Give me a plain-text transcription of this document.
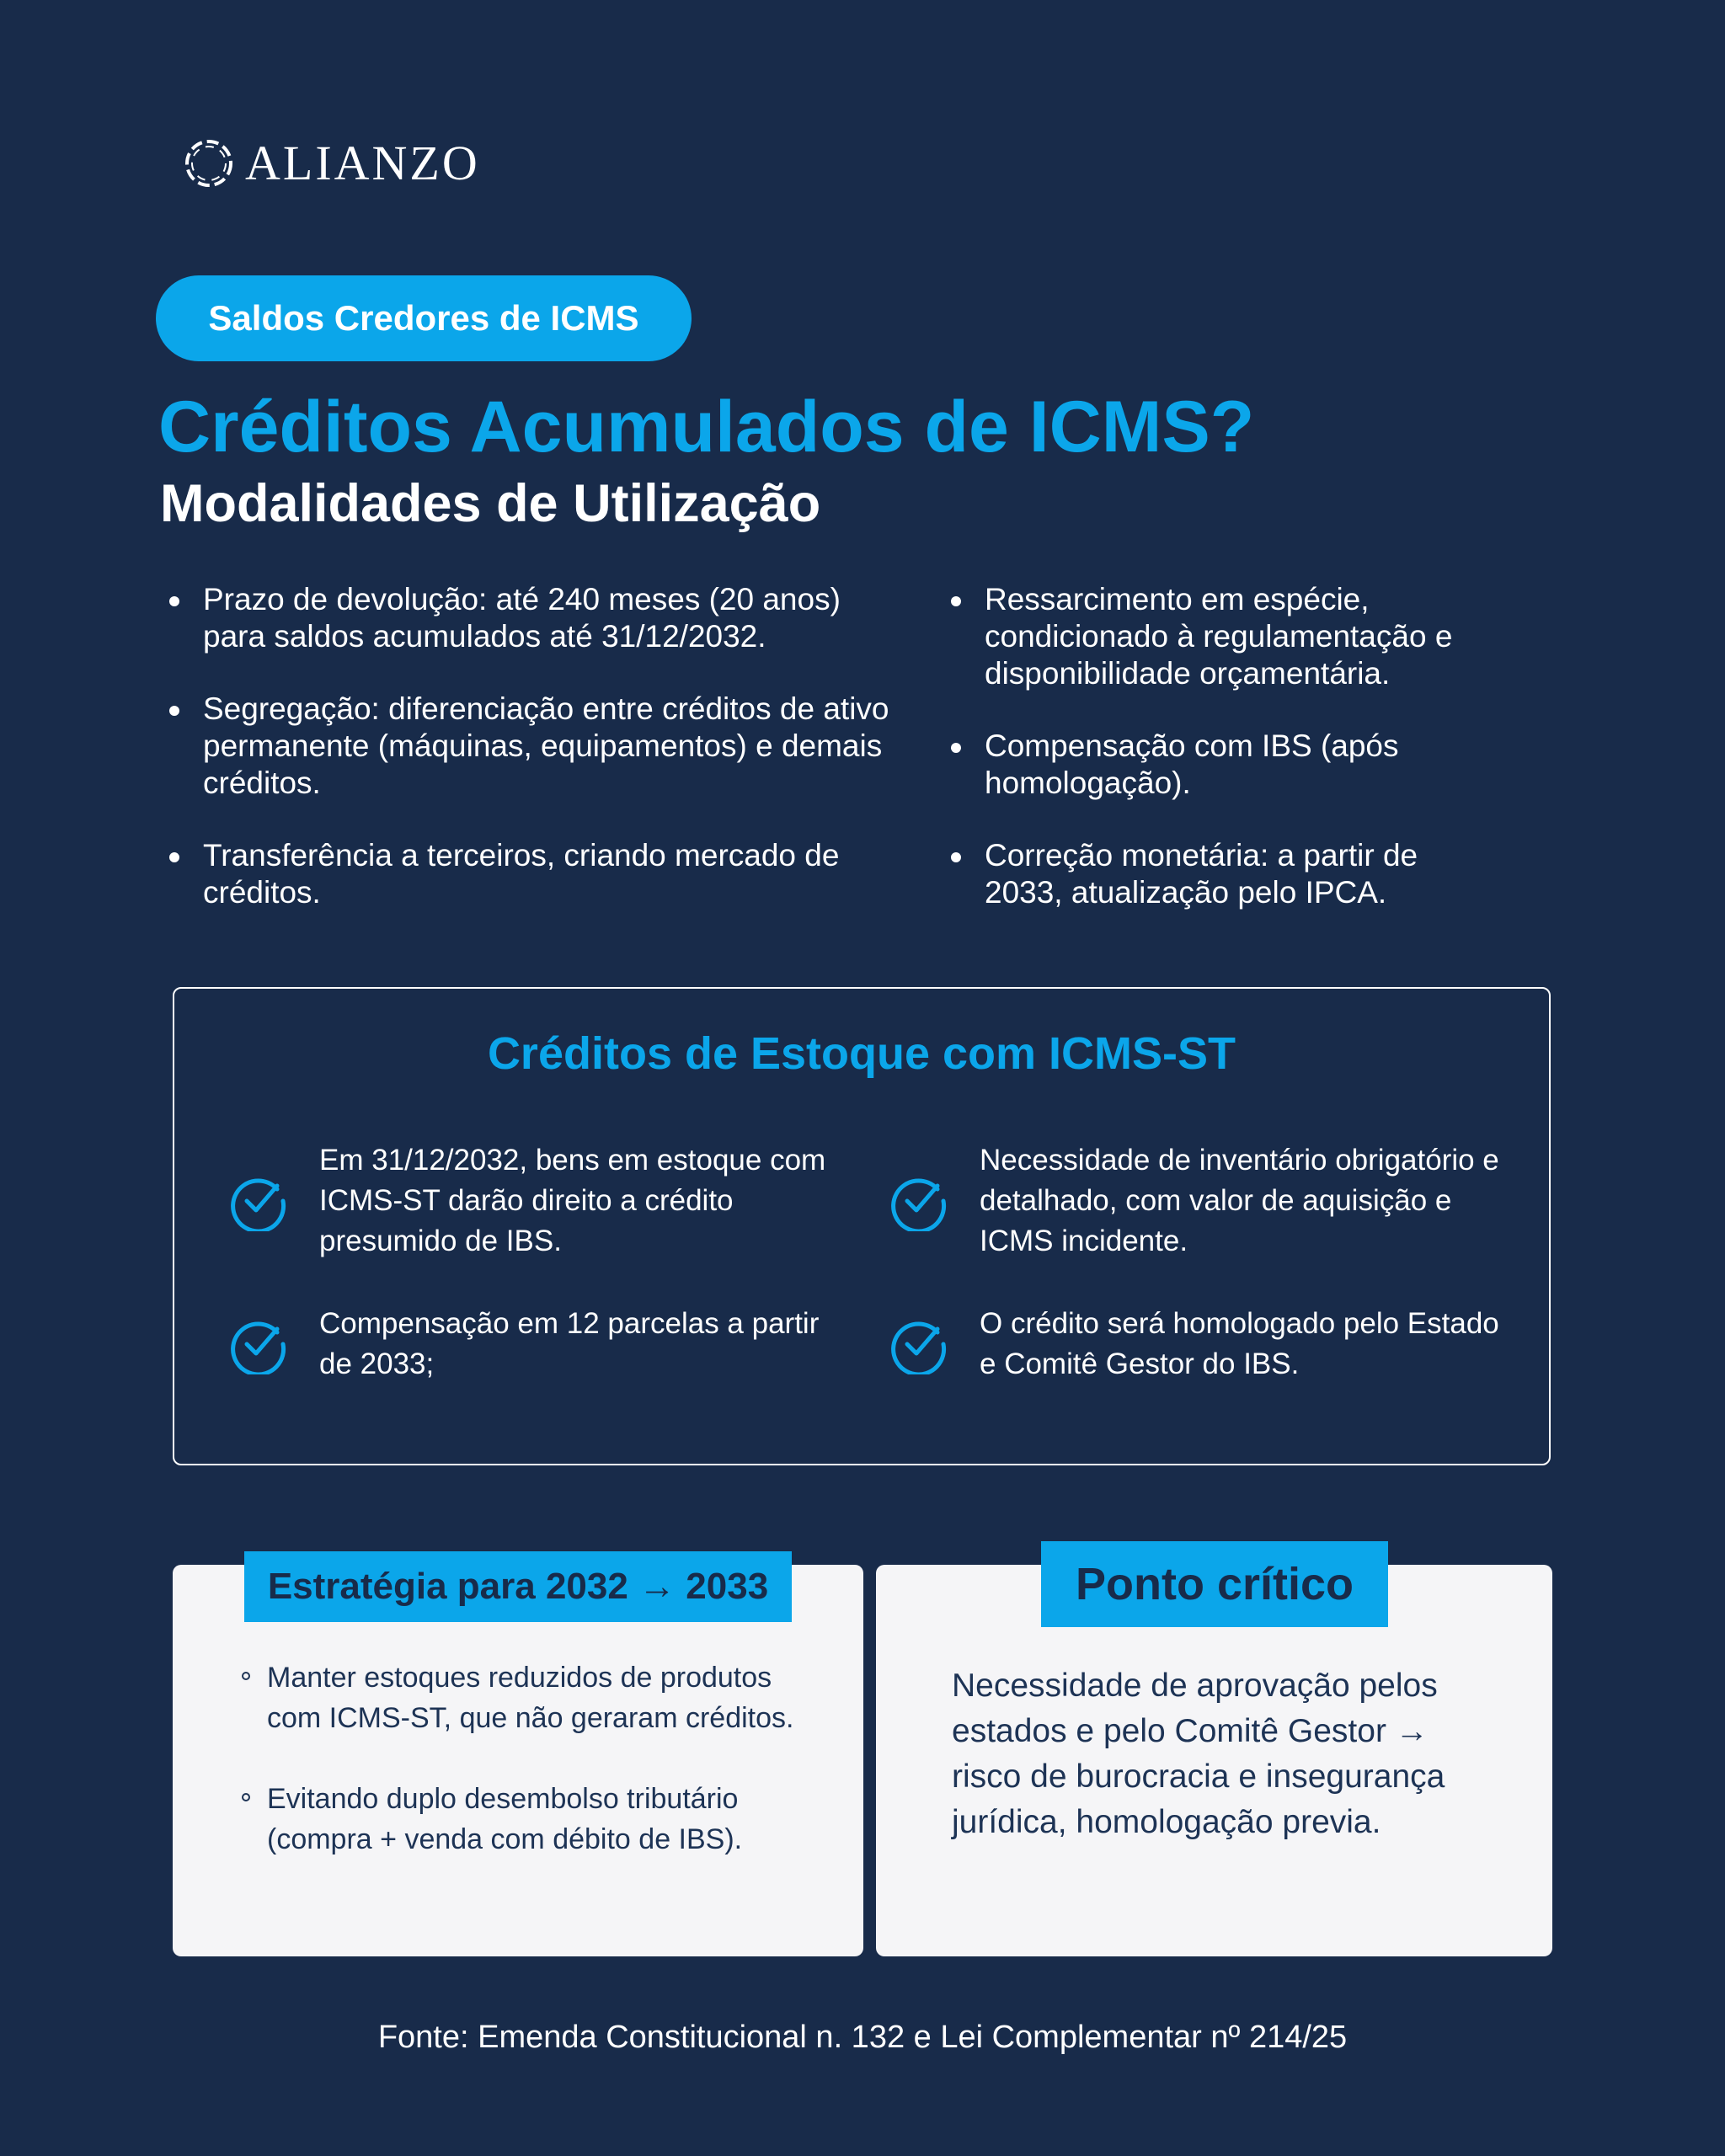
ALIANZO
Saldos Credores de ICMS
Créditos Acumulados de ICMS?
Modalidades de Utilização
Prazo de devolução: até 240 meses (20 anos) para saldos acumulados até 31/12/2032.
Segregação: diferenciação entre créditos de ativo permanente (máquinas, equipamentos) e demais créditos.
Transferência a terceiros, criando mercado de créditos.
Ressarcimento em espécie, condicionado à regulamentação e disponibilidade orçamentária.
Compensação com IBS (após homologação).
Correção monetária: a partir de 2033, atualização pelo IPCA.
Créditos de Estoque com ICMS-ST
Em 31/12/2032, bens em estoque com ICMS-ST darão direito a crédito presumido de IBS.
Necessidade de inventário obrigatório e detalhado, com valor de aquisição e ICMS incidente.
Compensação em 12 parcelas a partir de 2033;
O crédito será homologado pelo Estado e Comitê Gestor do IBS.
Estratégia para 2032 → 2033
Manter estoques reduzidos de produtos com ICMS-ST, que não geraram créditos.
Evitando duplo desembolso tributário (compra + venda com débito de IBS).
Ponto crítico
Necessidade de aprovação pelos estados e pelo Comitê Gestor → risco de burocracia e insegurança jurídica, homologação previa.
Fonte: Emenda Constitucional n. 132 e Lei Complementar nº 214/25
